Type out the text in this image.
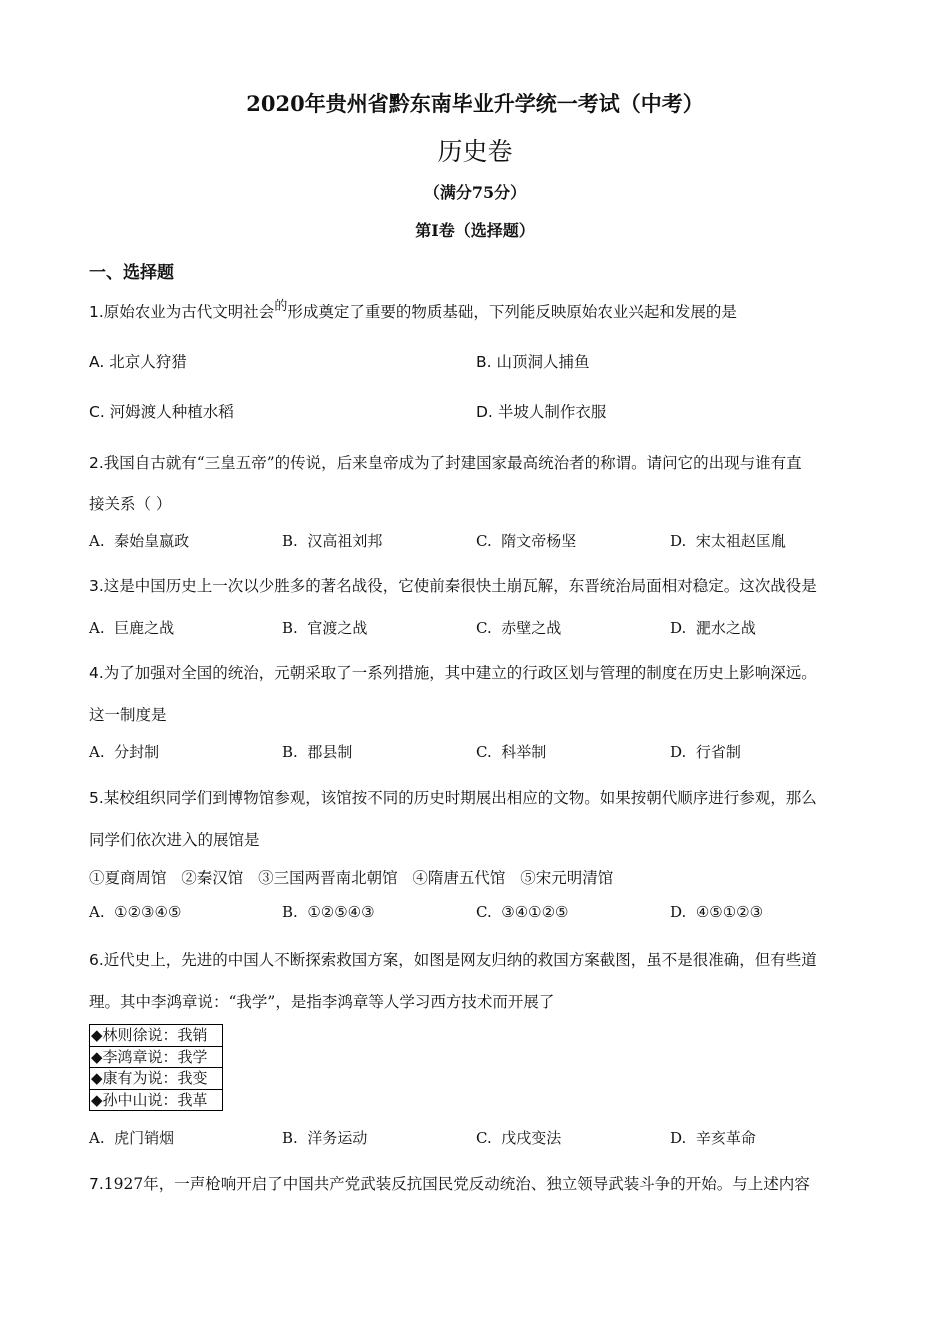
2020年贵州省黔东南毕业升学统一考试（中考）
历史卷
（满分75分）
第Ⅰ卷（选择题）
一、选择题
1.原始农业为古代文明社会$^的$形成奠定了重要的物质基础，下列能反映原始农业兴起和发展的是
A. 北京人狩猎	B. 山顶洞人捕鱼
C. 河姆渡人种植水稻	D. 半坡人制作衣服
2.我国自古就有“三皇五帝”的传说，后来皇帝成为了封建国家最高统治者的称谓。请问它的出现与谁有直
接关系（ ）
A. 秦始皇嬴政	B. 汉高祖刘邦	C. 隋文帝杨坚	D. 宋太祖赵匡胤
3.这是中国历史上一次以少胜多的著名战役，它使前秦很快土崩瓦解，东晋统治局面相对稳定。这次战役是
A. 巨鹿之战	B. 官渡之战	C. 赤壁之战	D. 淝水之战
4.为了加强对全国的统治，元朝采取了一系列措施，其中建立的行政区划与管理的制度在历史上影响深远。
这一制度是
A. 分封制	B. 郡县制	C. 科举制	D. 行省制
5.某校组织同学们到博物馆参观，该馆按不同的历史时期展出相应的文物。如果按朝代顺序进行参观，那么
同学们依次进入的展馆是
①夏商周馆 ②秦汉馆 ③三国两晋南北朝馆 ④隋唐五代馆 ⑤宋元明清馆
A. ①②③④⑤	B. ①②⑤④③	C. ③④①②⑤	D. ④⑤①②③
6.近代史上，先进的中国人不断探索救国方案，如图是网友归纳的救国方案截图，虽不是很准确，但有些道
理。其中李鸿章说：“我学”，是指李鸿章等人学习西方技术而开展了
◆林则徐说：我销
◆李鸿章说：我学
◆康有为说：我变
◆孙中山说：我革
A. 虎门销烟	B. 洋务运动	C. 戊戌变法	D. 辛亥革命
7.1927年，一声枪响开启了中国共产党武装反抗国民党反动统治、独立领导武装斗争的开始。与上述内容
